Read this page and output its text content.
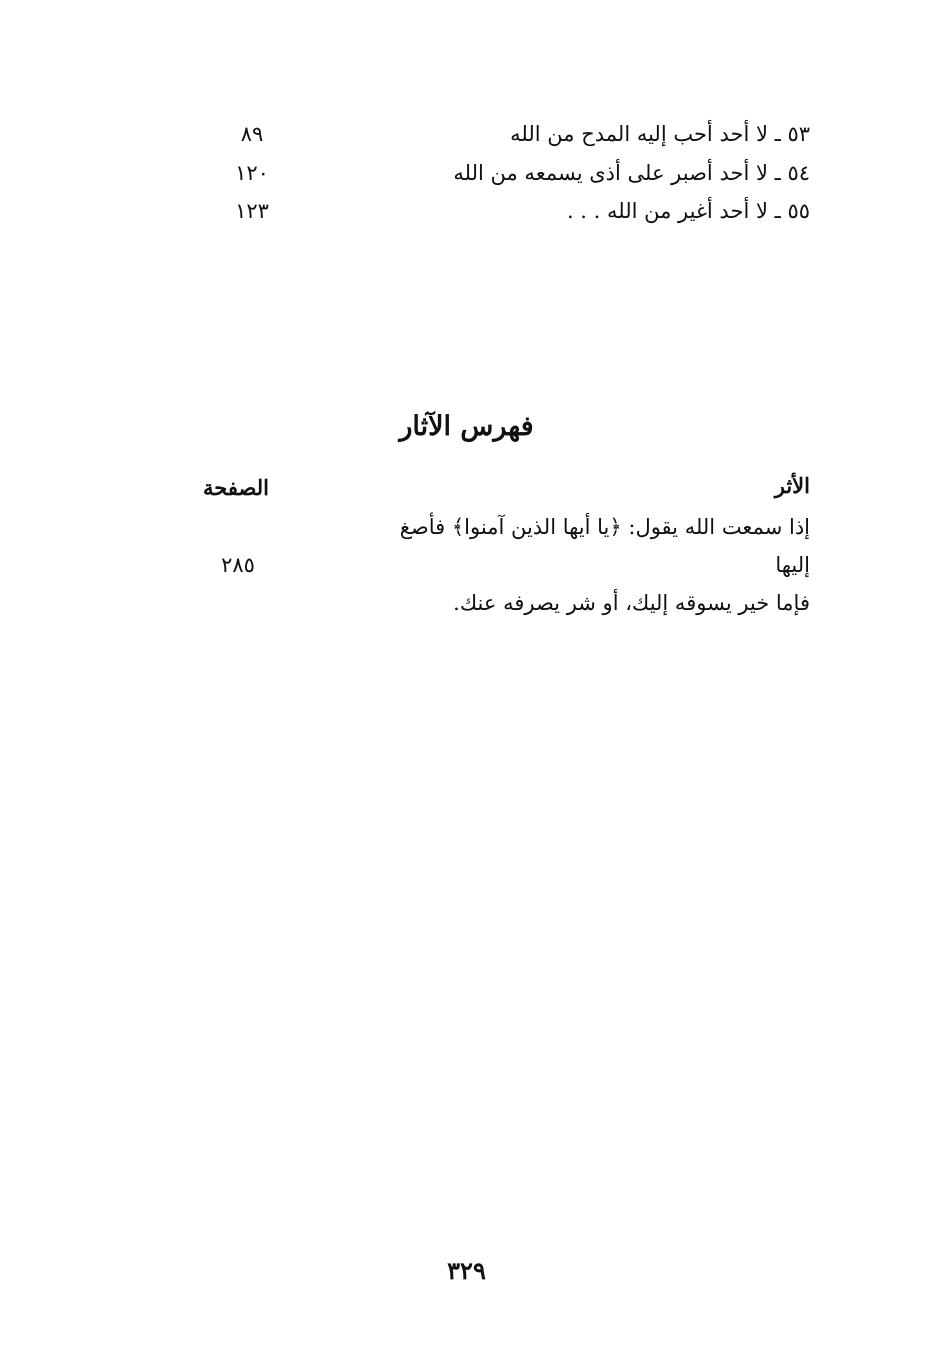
٥٣ ـ لا أحد أحب إليه المدح من الله
٨٩
٥٤ ـ لا أحد أصبر على أذى يسمعه من الله
١٢٠
٥٥ ـ لا أحد أغير من الله . . .
١٢٣
فهرس الآثار
الأثر
الصفحة
إذا سمعت الله يقول: ﴿يا أيها الذين آمنوا﴾ فأصغ إليها
فإما خير يسوقه إليك، أو شر يصرفه عنك.
٢٨٥
٣٢٩
